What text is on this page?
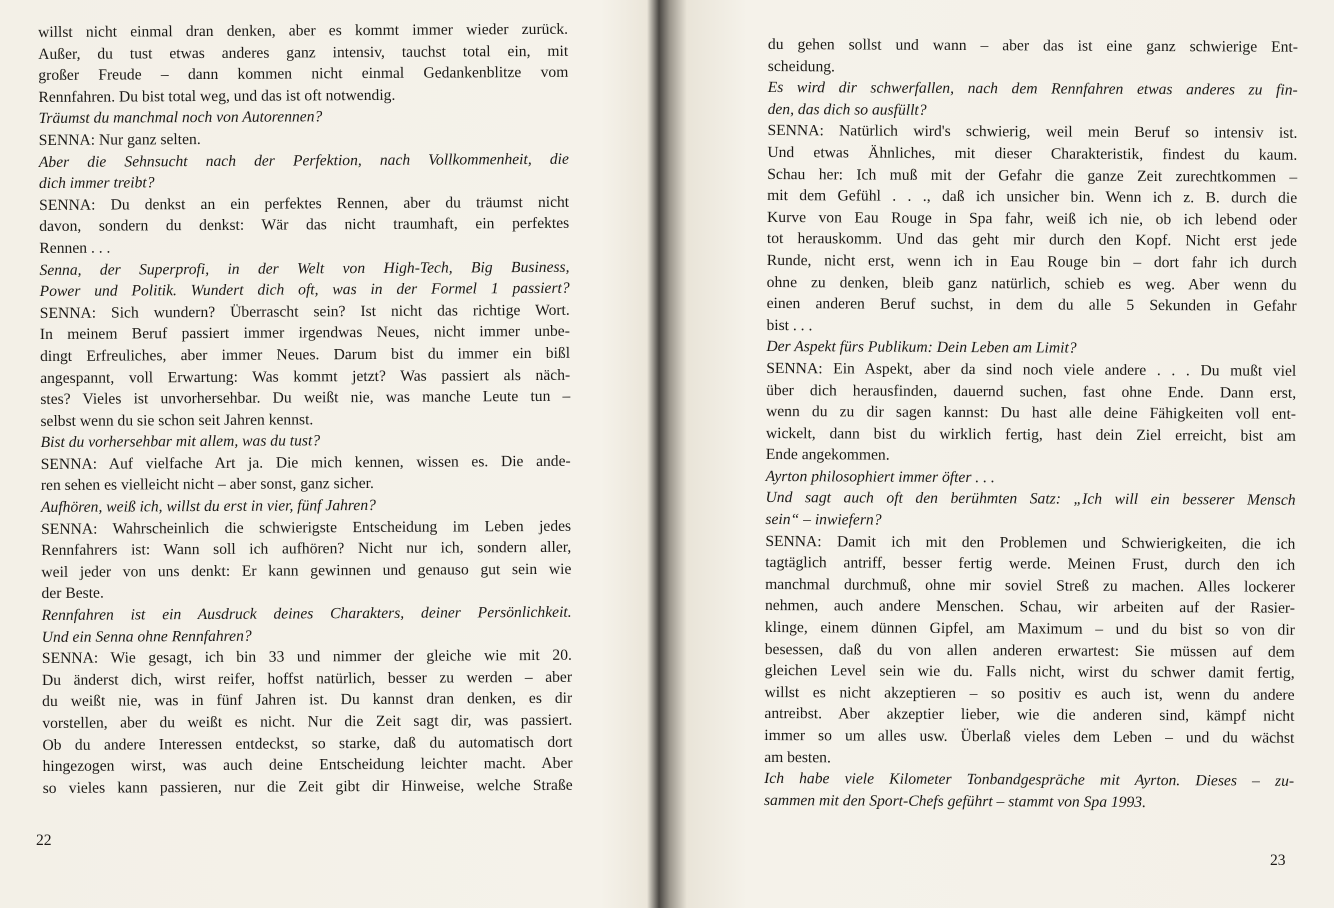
willst nicht einmal dran denken, aber es kommt immer wieder zurück.
Außer, du tust etwas anderes ganz intensiv, tauchst total ein, mit
großer Freude – dann kommen nicht einmal Gedankenblitze vom
Rennfahren. Du bist total weg, und das ist oft notwendig.
Träumst du manchmal noch von Autorennen?
SENNA: Nur ganz selten.
Aber die Sehnsucht nach der Perfektion, nach Vollkommenheit, die
dich immer treibt?
SENNA: Du denkst an ein perfektes Rennen, aber du träumst nicht
davon, sondern du denkst: Wär das nicht traumhaft, ein perfektes
Rennen . . .
Senna, der Superprofi, in der Welt von High-Tech, Big Business,
Power und Politik. Wundert dich oft, was in der Formel 1 passiert?
SENNA: Sich wundern? Überrascht sein? Ist nicht das richtige Wort.
In meinem Beruf passiert immer irgendwas Neues, nicht immer unbe-
dingt Erfreuliches, aber immer Neues. Darum bist du immer ein bißl
angespannt, voll Erwartung: Was kommt jetzt? Was passiert als näch-
stes? Vieles ist unvorhersehbar. Du weißt nie, was manche Leute tun –
selbst wenn du sie schon seit Jahren kennst.
Bist du vorhersehbar mit allem, was du tust?
SENNA: Auf vielfache Art ja. Die mich kennen, wissen es. Die ande-
ren sehen es vielleicht nicht – aber sonst, ganz sicher.
Aufhören, weiß ich, willst du erst in vier, fünf Jahren?
SENNA: Wahrscheinlich die schwierigste Entscheidung im Leben jedes
Rennfahrers ist: Wann soll ich aufhören? Nicht nur ich, sondern aller,
weil jeder von uns denkt: Er kann gewinnen und genauso gut sein wie
der Beste.
Rennfahren ist ein Ausdruck deines Charakters, deiner Persönlichkeit.
Und ein Senna ohne Rennfahren?
SENNA: Wie gesagt, ich bin 33 und nimmer der gleiche wie mit 20.
Du änderst dich, wirst reifer, hoffst natürlich, besser zu werden – aber
du weißt nie, was in fünf Jahren ist. Du kannst dran denken, es dir
vorstellen, aber du weißt es nicht. Nur die Zeit sagt dir, was passiert.
Ob du andere Interessen entdeckst, so starke, daß du automatisch dort
hingezogen wirst, was auch deine Entscheidung leichter macht. Aber
so vieles kann passieren, nur die Zeit gibt dir Hinweise, welche Straße
22
du gehen sollst und wann – aber das ist eine ganz schwierige Ent-
scheidung.
Es wird dir schwerfallen, nach dem Rennfahren etwas anderes zu fin-
den, das dich so ausfüllt?
SENNA: Natürlich wird's schwierig, weil mein Beruf so intensiv ist.
Und etwas Ähnliches, mit dieser Charakteristik, findest du kaum.
Schau her: Ich muß mit der Gefahr die ganze Zeit zurechtkommen –
mit dem Gefühl . . ., daß ich unsicher bin. Wenn ich z. B. durch die
Kurve von Eau Rouge in Spa fahr, weiß ich nie, ob ich lebend oder
tot herauskomm. Und das geht mir durch den Kopf. Nicht erst jede
Runde, nicht erst, wenn ich in Eau Rouge bin – dort fahr ich durch
ohne zu denken, bleib ganz natürlich, schieb es weg. Aber wenn du
einen anderen Beruf suchst, in dem du alle 5 Sekunden in Gefahr
bist . . .
Der Aspekt fürs Publikum: Dein Leben am Limit?
SENNA: Ein Aspekt, aber da sind noch viele andere . . . Du mußt viel
über dich herausfinden, dauernd suchen, fast ohne Ende. Dann erst,
wenn du zu dir sagen kannst: Du hast alle deine Fähigkeiten voll ent-
wickelt, dann bist du wirklich fertig, hast dein Ziel erreicht, bist am
Ende angekommen.
Ayrton philosophiert immer öfter . . .
Und sagt auch oft den berühmten Satz: „Ich will ein besserer Mensch
sein“ – inwiefern?
SENNA: Damit ich mit den Problemen und Schwierigkeiten, die ich
tagtäglich antriff, besser fertig werde. Meinen Frust, durch den ich
manchmal durchmuß, ohne mir soviel Streß zu machen. Alles lockerer
nehmen, auch andere Menschen. Schau, wir arbeiten auf der Rasier-
klinge, einem dünnen Gipfel, am Maximum – und du bist so von dir
besessen, daß du von allen anderen erwartest: Sie müssen auf dem
gleichen Level sein wie du. Falls nicht, wirst du schwer damit fertig,
willst es nicht akzeptieren – so positiv es auch ist, wenn du andere
antreibst. Aber akzeptier lieber, wie die anderen sind, kämpf nicht
immer so um alles usw. Überlaß vieles dem Leben – und du wächst
am besten.
Ich habe viele Kilometer Tonbandgespräche mit Ayrton. Dieses – zu-
sammen mit den Sport-Chefs geführt – stammt von Spa 1993.
23
